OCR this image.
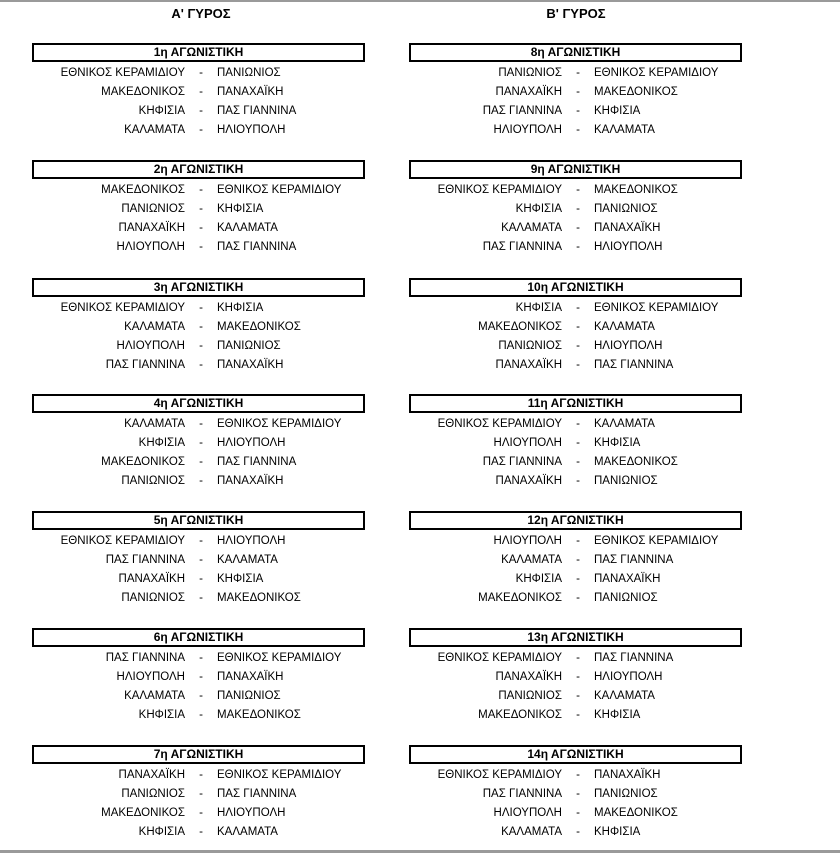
Α' ΓΥΡΟΣ	Β' ΓΥΡΟΣ
1η ΑΓΩΝΙΣΤΙΚΗ
ΕΘΝΙΚΟΣ ΚΕΡΑΜΙΔΙΟΥ - ΠΑΝΙΩΝΙΟΣ
ΜΑΚΕΔΟΝΙΚΟΣ - ΠΑΝΑΧΑΪΚΗ
ΚΗΦΙΣΙΑ - ΠΑΣ ΓΙΑΝΝΙΝΑ
ΚΑΛΑΜΑΤΑ - ΗΛΙΟΥΠΟΛΗ
2η ΑΓΩΝΙΣΤΙΚΗ
ΜΑΚΕΔΟΝΙΚΟΣ - ΕΘΝΙΚΟΣ ΚΕΡΑΜΙΔΙΟΥ
ΠΑΝΙΩΝΙΟΣ - ΚΗΦΙΣΙΑ
ΠΑΝΑΧΑΪΚΗ - ΚΑΛΑΜΑΤΑ
ΗΛΙΟΥΠΟΛΗ - ΠΑΣ ΓΙΑΝΝΙΝΑ
3η ΑΓΩΝΙΣΤΙΚΗ
ΕΘΝΙΚΟΣ ΚΕΡΑΜΙΔΙΟΥ - ΚΗΦΙΣΙΑ
ΚΑΛΑΜΑΤΑ - ΜΑΚΕΔΟΝΙΚΟΣ
ΗΛΙΟΥΠΟΛΗ - ΠΑΝΙΩΝΙΟΣ
ΠΑΣ ΓΙΑΝΝΙΝΑ - ΠΑΝΑΧΑΪΚΗ
4η ΑΓΩΝΙΣΤΙΚΗ
ΚΑΛΑΜΑΤΑ - ΕΘΝΙΚΟΣ ΚΕΡΑΜΙΔΙΟΥ
ΚΗΦΙΣΙΑ - ΗΛΙΟΥΠΟΛΗ
ΜΑΚΕΔΟΝΙΚΟΣ - ΠΑΣ ΓΙΑΝΝΙΝΑ
ΠΑΝΙΩΝΙΟΣ - ΠΑΝΑΧΑΪΚΗ
5η ΑΓΩΝΙΣΤΙΚΗ
ΕΘΝΙΚΟΣ ΚΕΡΑΜΙΔΙΟΥ - ΗΛΙΟΥΠΟΛΗ
ΠΑΣ ΓΙΑΝΝΙΝΑ - ΚΑΛΑΜΑΤΑ
ΠΑΝΑΧΑΪΚΗ - ΚΗΦΙΣΙΑ
ΠΑΝΙΩΝΙΟΣ - ΜΑΚΕΔΟΝΙΚΟΣ
6η ΑΓΩΝΙΣΤΙΚΗ
ΠΑΣ ΓΙΑΝΝΙΝΑ - ΕΘΝΙΚΟΣ ΚΕΡΑΜΙΔΙΟΥ
ΗΛΙΟΥΠΟΛΗ - ΠΑΝΑΧΑΪΚΗ
ΚΑΛΑΜΑΤΑ - ΠΑΝΙΩΝΙΟΣ
ΚΗΦΙΣΙΑ - ΜΑΚΕΔΟΝΙΚΟΣ
7η ΑΓΩΝΙΣΤΙΚΗ
ΠΑΝΑΧΑΪΚΗ - ΕΘΝΙΚΟΣ ΚΕΡΑΜΙΔΙΟΥ
ΠΑΝΙΩΝΙΟΣ - ΠΑΣ ΓΙΑΝΝΙΝΑ
ΜΑΚΕΔΟΝΙΚΟΣ - ΗΛΙΟΥΠΟΛΗ
ΚΗΦΙΣΙΑ - ΚΑΛΑΜΑΤΑ
8η ΑΓΩΝΙΣΤΙΚΗ
ΠΑΝΙΩΝΙΟΣ - ΕΘΝΙΚΟΣ ΚΕΡΑΜΙΔΙΟΥ
ΠΑΝΑΧΑΪΚΗ - ΜΑΚΕΔΟΝΙΚΟΣ
ΠΑΣ ΓΙΑΝΝΙΝΑ - ΚΗΦΙΣΙΑ
ΗΛΙΟΥΠΟΛΗ - ΚΑΛΑΜΑΤΑ
9η ΑΓΩΝΙΣΤΙΚΗ
ΕΘΝΙΚΟΣ ΚΕΡΑΜΙΔΙΟΥ - ΜΑΚΕΔΟΝΙΚΟΣ
ΚΗΦΙΣΙΑ - ΠΑΝΙΩΝΙΟΣ
ΚΑΛΑΜΑΤΑ - ΠΑΝΑΧΑΪΚΗ
ΠΑΣ ΓΙΑΝΝΙΝΑ - ΗΛΙΟΥΠΟΛΗ
10η ΑΓΩΝΙΣΤΙΚΗ
ΚΗΦΙΣΙΑ - ΕΘΝΙΚΟΣ ΚΕΡΑΜΙΔΙΟΥ
ΜΑΚΕΔΟΝΙΚΟΣ - ΚΑΛΑΜΑΤΑ
ΠΑΝΙΩΝΙΟΣ - ΗΛΙΟΥΠΟΛΗ
ΠΑΝΑΧΑΪΚΗ - ΠΑΣ ΓΙΑΝΝΙΝΑ
11η ΑΓΩΝΙΣΤΙΚΗ
ΕΘΝΙΚΟΣ ΚΕΡΑΜΙΔΙΟΥ - ΚΑΛΑΜΑΤΑ
ΗΛΙΟΥΠΟΛΗ - ΚΗΦΙΣΙΑ
ΠΑΣ ΓΙΑΝΝΙΝΑ - ΜΑΚΕΔΟΝΙΚΟΣ
ΠΑΝΑΧΑΪΚΗ - ΠΑΝΙΩΝΙΟΣ
12η ΑΓΩΝΙΣΤΙΚΗ
ΗΛΙΟΥΠΟΛΗ - ΕΘΝΙΚΟΣ ΚΕΡΑΜΙΔΙΟΥ
ΚΑΛΑΜΑΤΑ - ΠΑΣ ΓΙΑΝΝΙΝΑ
ΚΗΦΙΣΙΑ - ΠΑΝΑΧΑΪΚΗ
ΜΑΚΕΔΟΝΙΚΟΣ - ΠΑΝΙΩΝΙΟΣ
13η ΑΓΩΝΙΣΤΙΚΗ
ΕΘΝΙΚΟΣ ΚΕΡΑΜΙΔΙΟΥ - ΠΑΣ ΓΙΑΝΝΙΝΑ
ΠΑΝΑΧΑΪΚΗ - ΗΛΙΟΥΠΟΛΗ
ΠΑΝΙΩΝΙΟΣ - ΚΑΛΑΜΑΤΑ
ΜΑΚΕΔΟΝΙΚΟΣ - ΚΗΦΙΣΙΑ
14η ΑΓΩΝΙΣΤΙΚΗ
ΕΘΝΙΚΟΣ ΚΕΡΑΜΙΔΙΟΥ - ΠΑΝΑΧΑΪΚΗ
ΠΑΣ ΓΙΑΝΝΙΝΑ - ΠΑΝΙΩΝΙΟΣ
ΗΛΙΟΥΠΟΛΗ - ΜΑΚΕΔΟΝΙΚΟΣ
ΚΑΛΑΜΑΤΑ - ΚΗΦΙΣΙΑ
